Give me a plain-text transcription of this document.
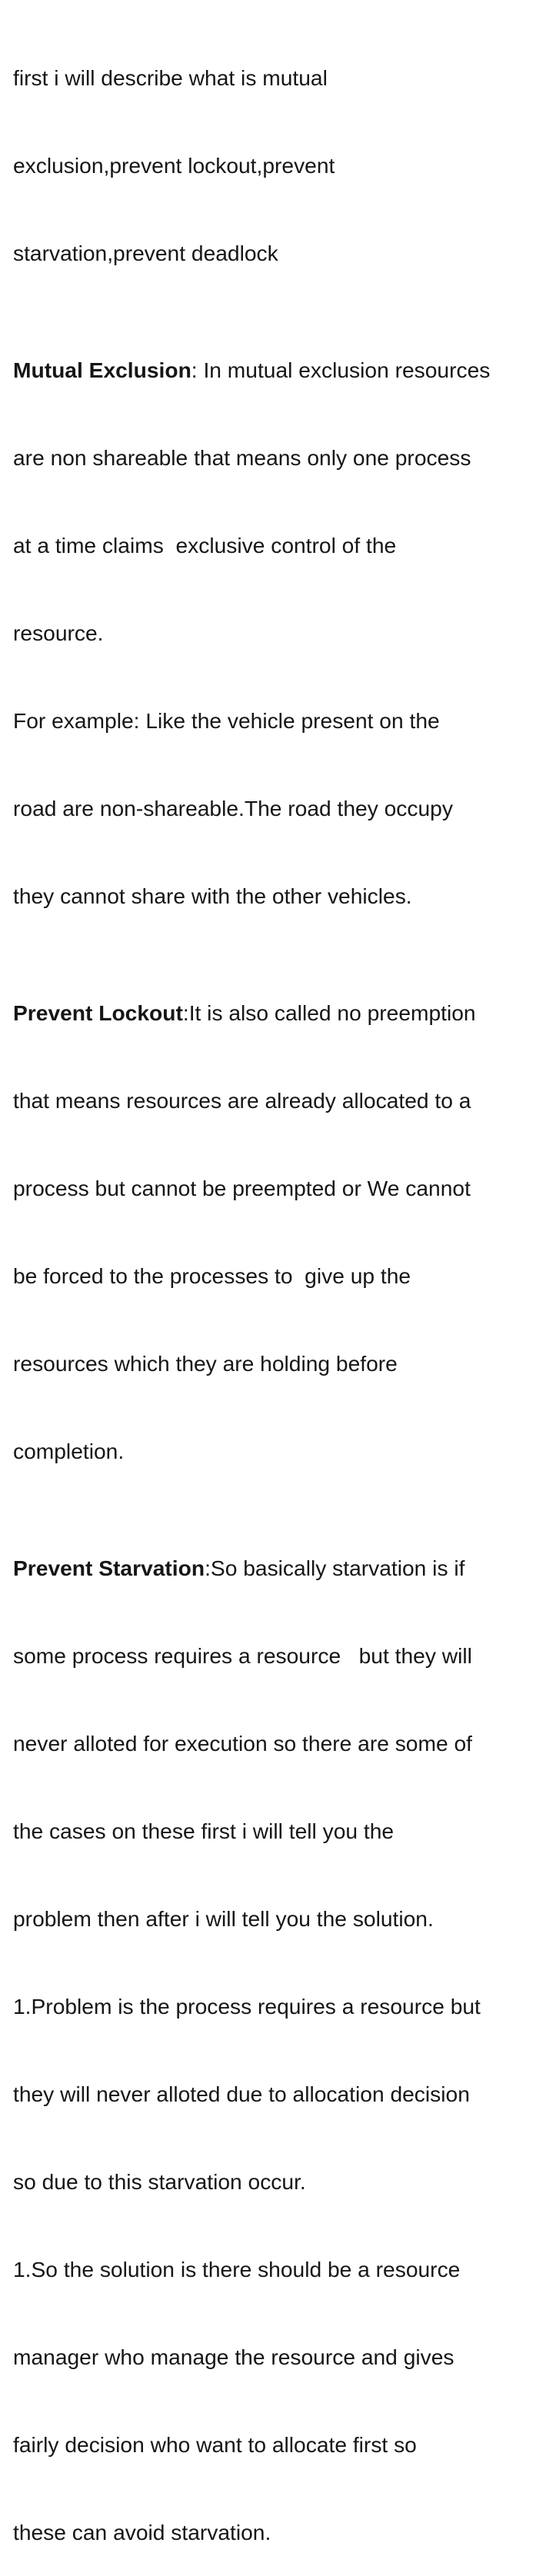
first i will describe what is mutual

exclusion,prevent lockout,prevent

starvation,prevent deadlock

Mutual Exclusion: In mutual exclusion resources

are non shareable that means only one process

at a time claims  exclusive control of the

resource.

For example: Like the vehicle present on the

road are non-shareable.The road they occupy

they cannot share with the other vehicles.

Prevent Lockout:It is also called no preemption

that means resources are already allocated to a

process but cannot be preempted or We cannot

be forced to the processes to  give up the

resources which they are holding before

completion.

Prevent Starvation:So basically starvation is if

some process requires a resource   but they will

never alloted for execution so there are some of

the cases on these first i will tell you the

problem then after i will tell you the solution.

1.Problem is the process requires a resource but

they will never alloted due to allocation decision

so due to this starvation occur.

1.So the solution is there should be a resource

manager who manage the resource and gives

fairly decision who want to allocate first so

these can avoid starvation.
